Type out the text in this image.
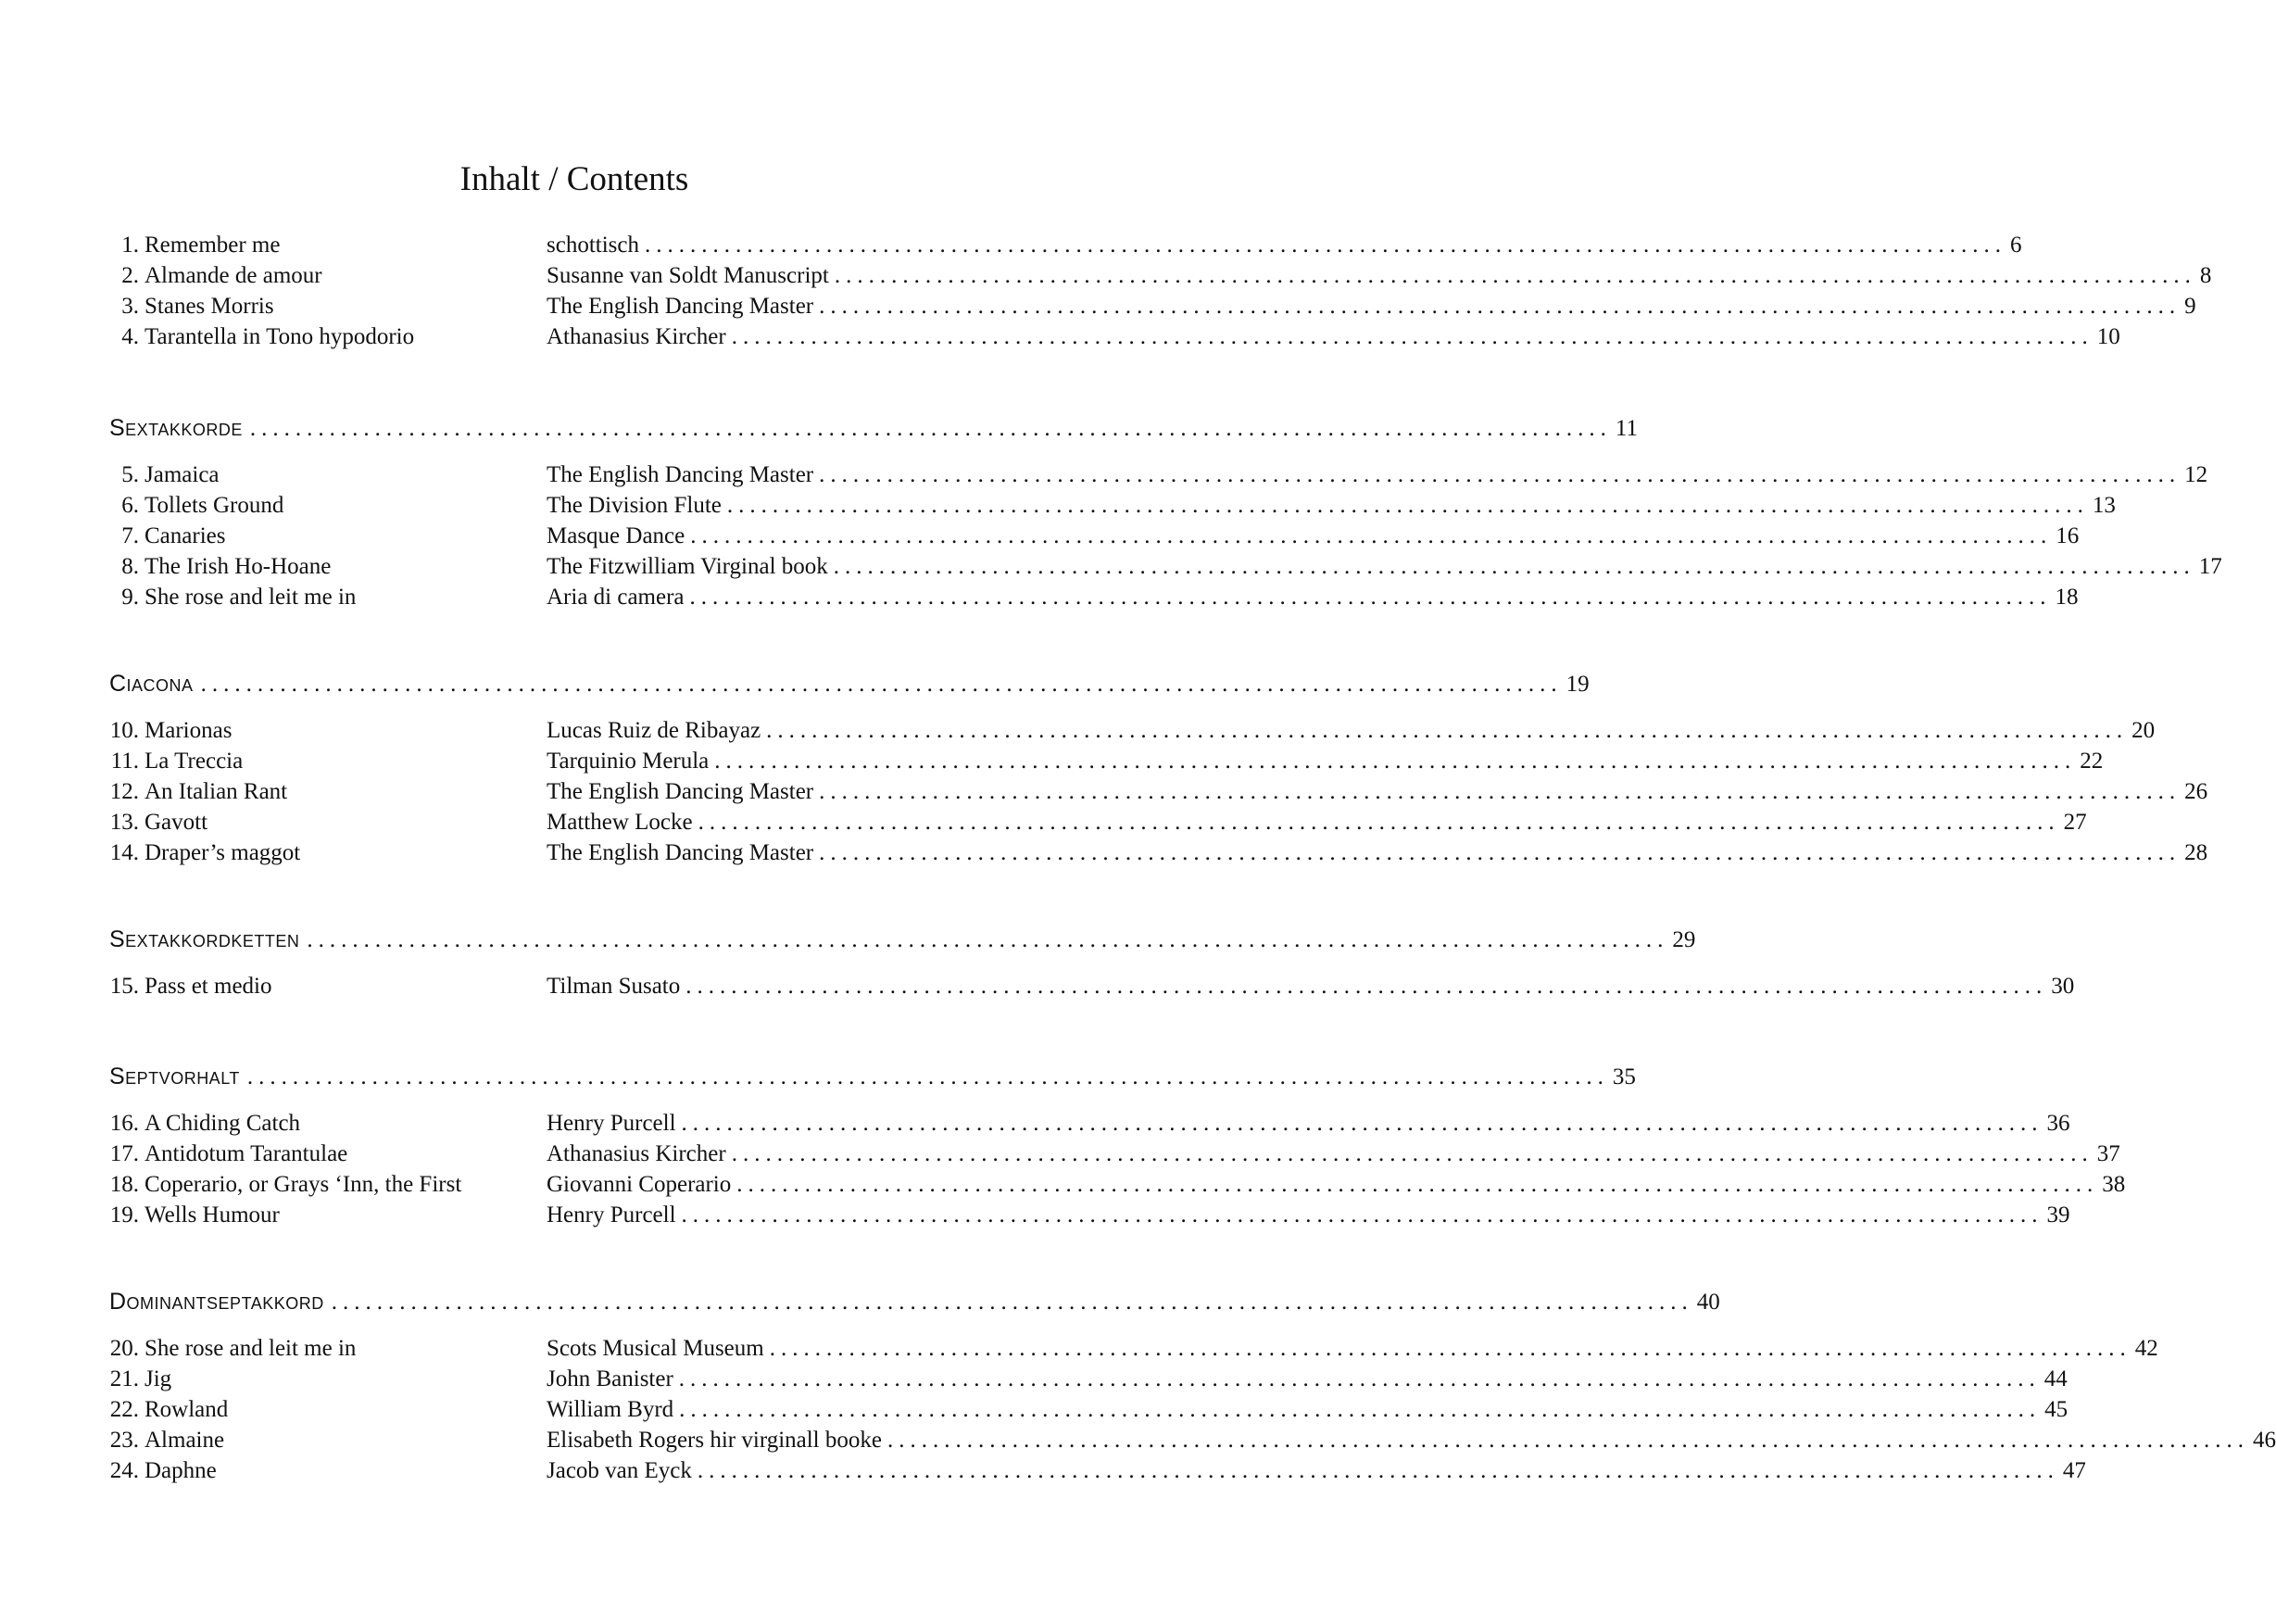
Inhalt / Contents
1. Remember me	schottisch ........................................................................................................................ 6
2. Almande de amour	Susanne van Soldt Manuscript ........................................................................................................................ 8
3. Stanes Morris	The English Dancing Master ........................................................................................................................ 9
4. Tarantella in Tono hypodorio	Athanasius Kircher ........................................................................................................................ 10
Sextakkorde ........................................................................................................................ 11
5. Jamaica	The English Dancing Master ........................................................................................................................ 12
6. Tollets Ground	The Division Flute ........................................................................................................................ 13
7. Canaries	Masque Dance ........................................................................................................................ 16
8. The Irish Ho-Hoane	The Fitzwilliam Virginal book ........................................................................................................................ 17
9. She rose and leit me in	Aria di camera ........................................................................................................................ 18
Ciacona ........................................................................................................................ 19
10. Marionas	Lucas Ruiz de Ribayaz ........................................................................................................................ 20
11. La Treccia	Tarquinio Merula ........................................................................................................................ 22
12. An Italian Rant	The English Dancing Master ........................................................................................................................ 26
13. Gavott	Matthew Locke ........................................................................................................................ 27
14. Draper’s maggot	The English Dancing Master ........................................................................................................................ 28
Sextakkordketten ........................................................................................................................ 29
15. Pass et medio	Tilman Susato ........................................................................................................................ 30
Septvorhalt ........................................................................................................................ 35
16. A Chiding Catch	Henry Purcell ........................................................................................................................ 36
17. Antidotum Tarantulae	Athanasius Kircher ........................................................................................................................ 37
18. Coperario, or Grays ‘Inn, the First	Giovanni Coperario ........................................................................................................................ 38
19. Wells Humour	Henry Purcell ........................................................................................................................ 39
Dominantseptakkord ........................................................................................................................ 40
20. She rose and leit me in	Scots Musical Museum ........................................................................................................................ 42
21. Jig	John Banister ........................................................................................................................ 44
22. Rowland	William Byrd ........................................................................................................................ 45
23. Almaine	Elisabeth Rogers hir virginall booke ........................................................................................................................ 46
24. Daphne	Jacob van Eyck ........................................................................................................................ 47
